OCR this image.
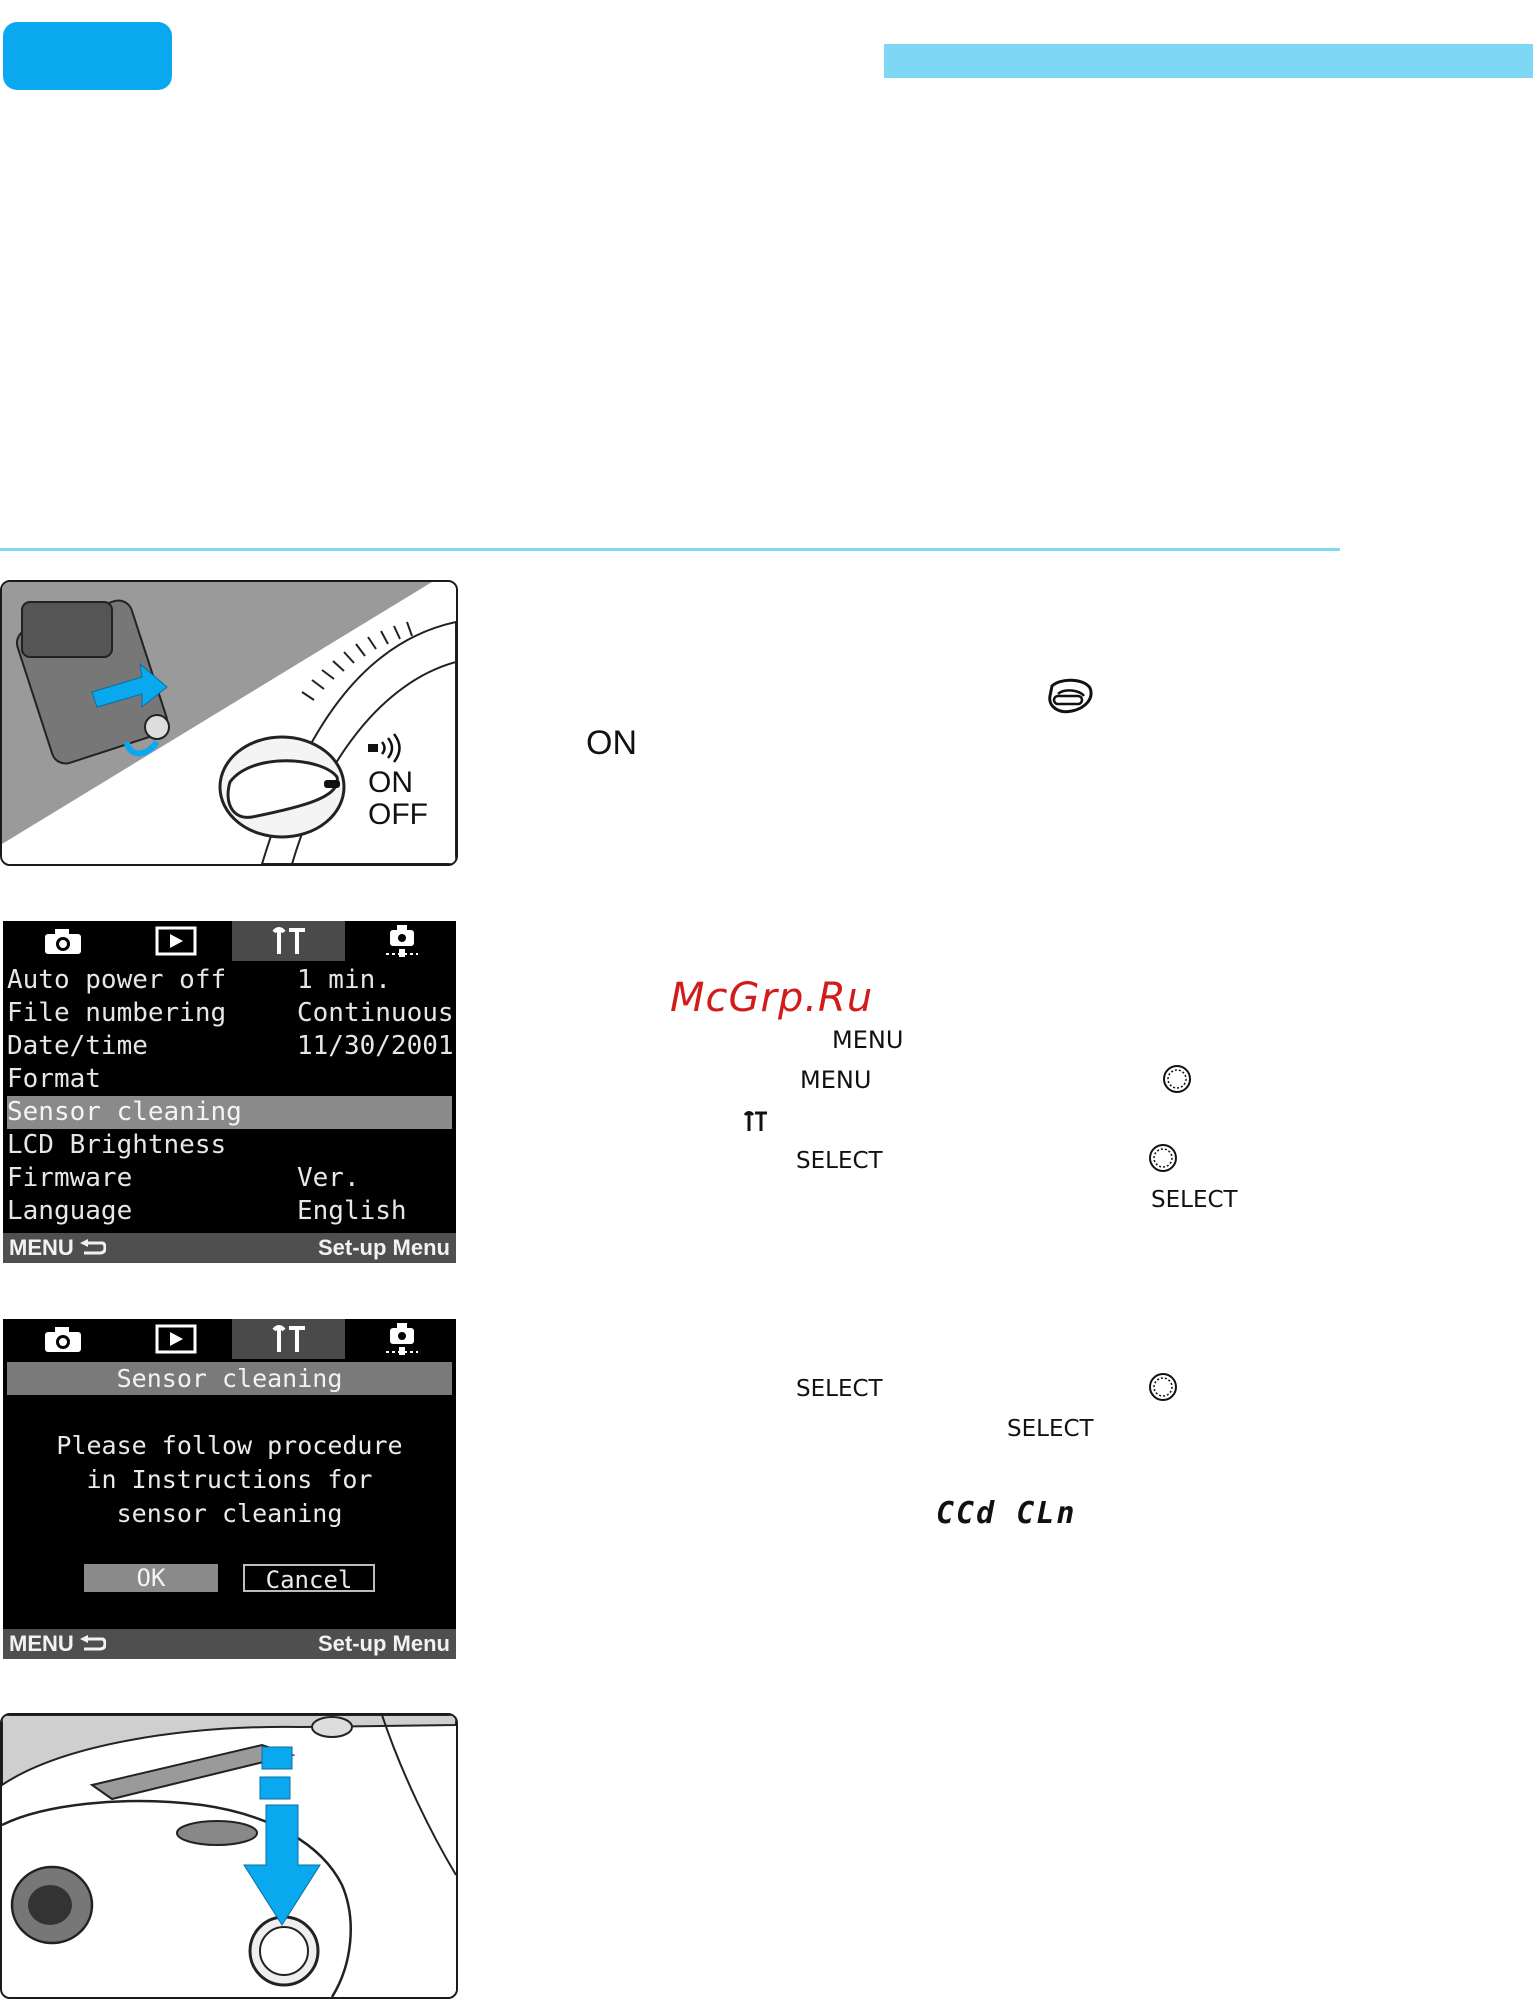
ON
OFF
ON
Auto power off	1 min.
File numbering	Continuous
Date/time	11/30/2001
Format
Sensor cleaning
LCD Brightness
Firmware	Ver.
Language	English
MENU	Set-up Menu
McGrp.Ru
MENU
MENU
SELECT
SELECT
Sensor cleaning
Please follow procedure
in Instructions for
sensor cleaning
OK	Cancel
MENU	Set-up Menu
SELECT
SELECT
CCd CLn
